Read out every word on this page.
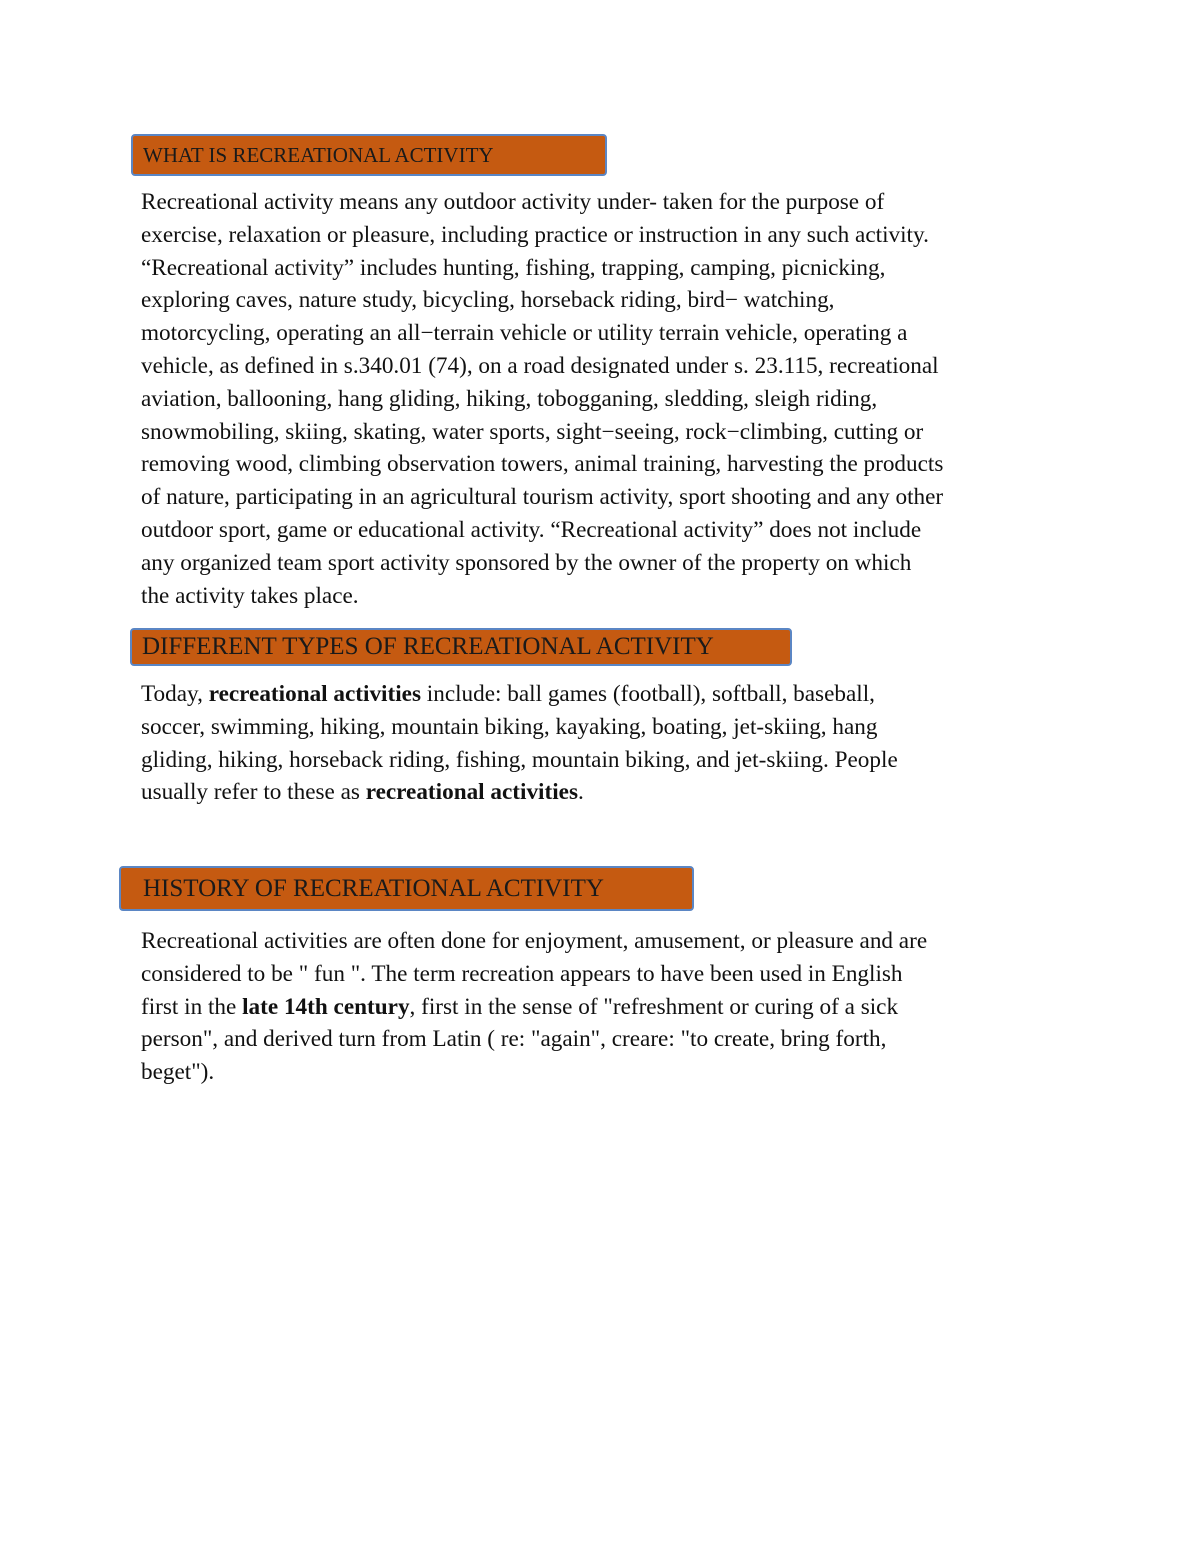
WHAT IS RECREATIONAL ACTIVITY

Recreational activity means any outdoor activity under- taken for the purpose of
exercise, relaxation or pleasure, including practice or instruction in any such activity.
“Recreational activity” includes hunting, fishing, trapping, camping, picnicking,
exploring caves, nature study, bicycling, horseback riding, bird− watching,
motorcycling, operating an all−terrain vehicle or utility terrain vehicle, operating a
vehicle, as defined in s.340.01 (74), on a road designated under s. 23.115, recreational
aviation, ballooning, hang gliding, hiking, tobogganing, sledding, sleigh riding,
snowmobiling, skiing, skating, water sports, sight−seeing, rock−climbing, cutting or
removing wood, climbing observation towers, animal training, harvesting the products
of nature, participating in an agricultural tourism activity, sport shooting and any other
outdoor sport, game or educational activity. “Recreational activity” does not include
any organized team sport activity sponsored by the owner of the property on which
the activity takes place.

DIFFERENT TYPES OF RECREATIONAL ACTIVITY

Today, recreational activities include: ball games (football), softball, baseball,
soccer, swimming, hiking, mountain biking, kayaking, boating, jet-skiing, hang
gliding, hiking, horseback riding, fishing, mountain biking, and jet-skiing. People
usually refer to these as recreational activities.

HISTORY OF RECREATIONAL ACTIVITY

Recreational activities are often done for enjoyment, amusement, or pleasure and are
considered to be " fun ". The term recreation appears to have been used in English
first in the late 14th century, first in the sense of "refreshment or curing of a sick
person", and derived turn from Latin ( re: "again", creare: "to create, bring forth,
beget").
